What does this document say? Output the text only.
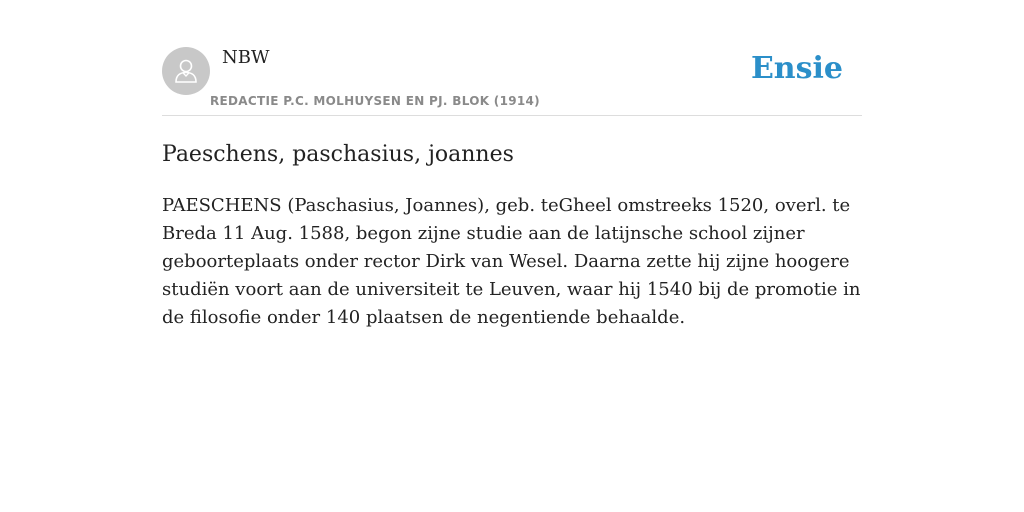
NBW
REDACTIE P.C. MOLHUYSEN EN PJ. BLOK (1914)
Ensie
Paeschens, paschasius, joannes

PAESCHENS (Paschasius, Joannes), geb. teGheel omstreeks 1520, overl. te Breda 11 Aug. 1588, begon zijne studie aan de latijnsche school zijner geboorteplaats onder rector Dirk van Wesel. Daarna zette hij zijne hoogere studiën voort aan de universiteit te Leuven, waar hij 1540 bij de promotie in de filosofie onder 140 plaatsen de negentiende behaalde.
